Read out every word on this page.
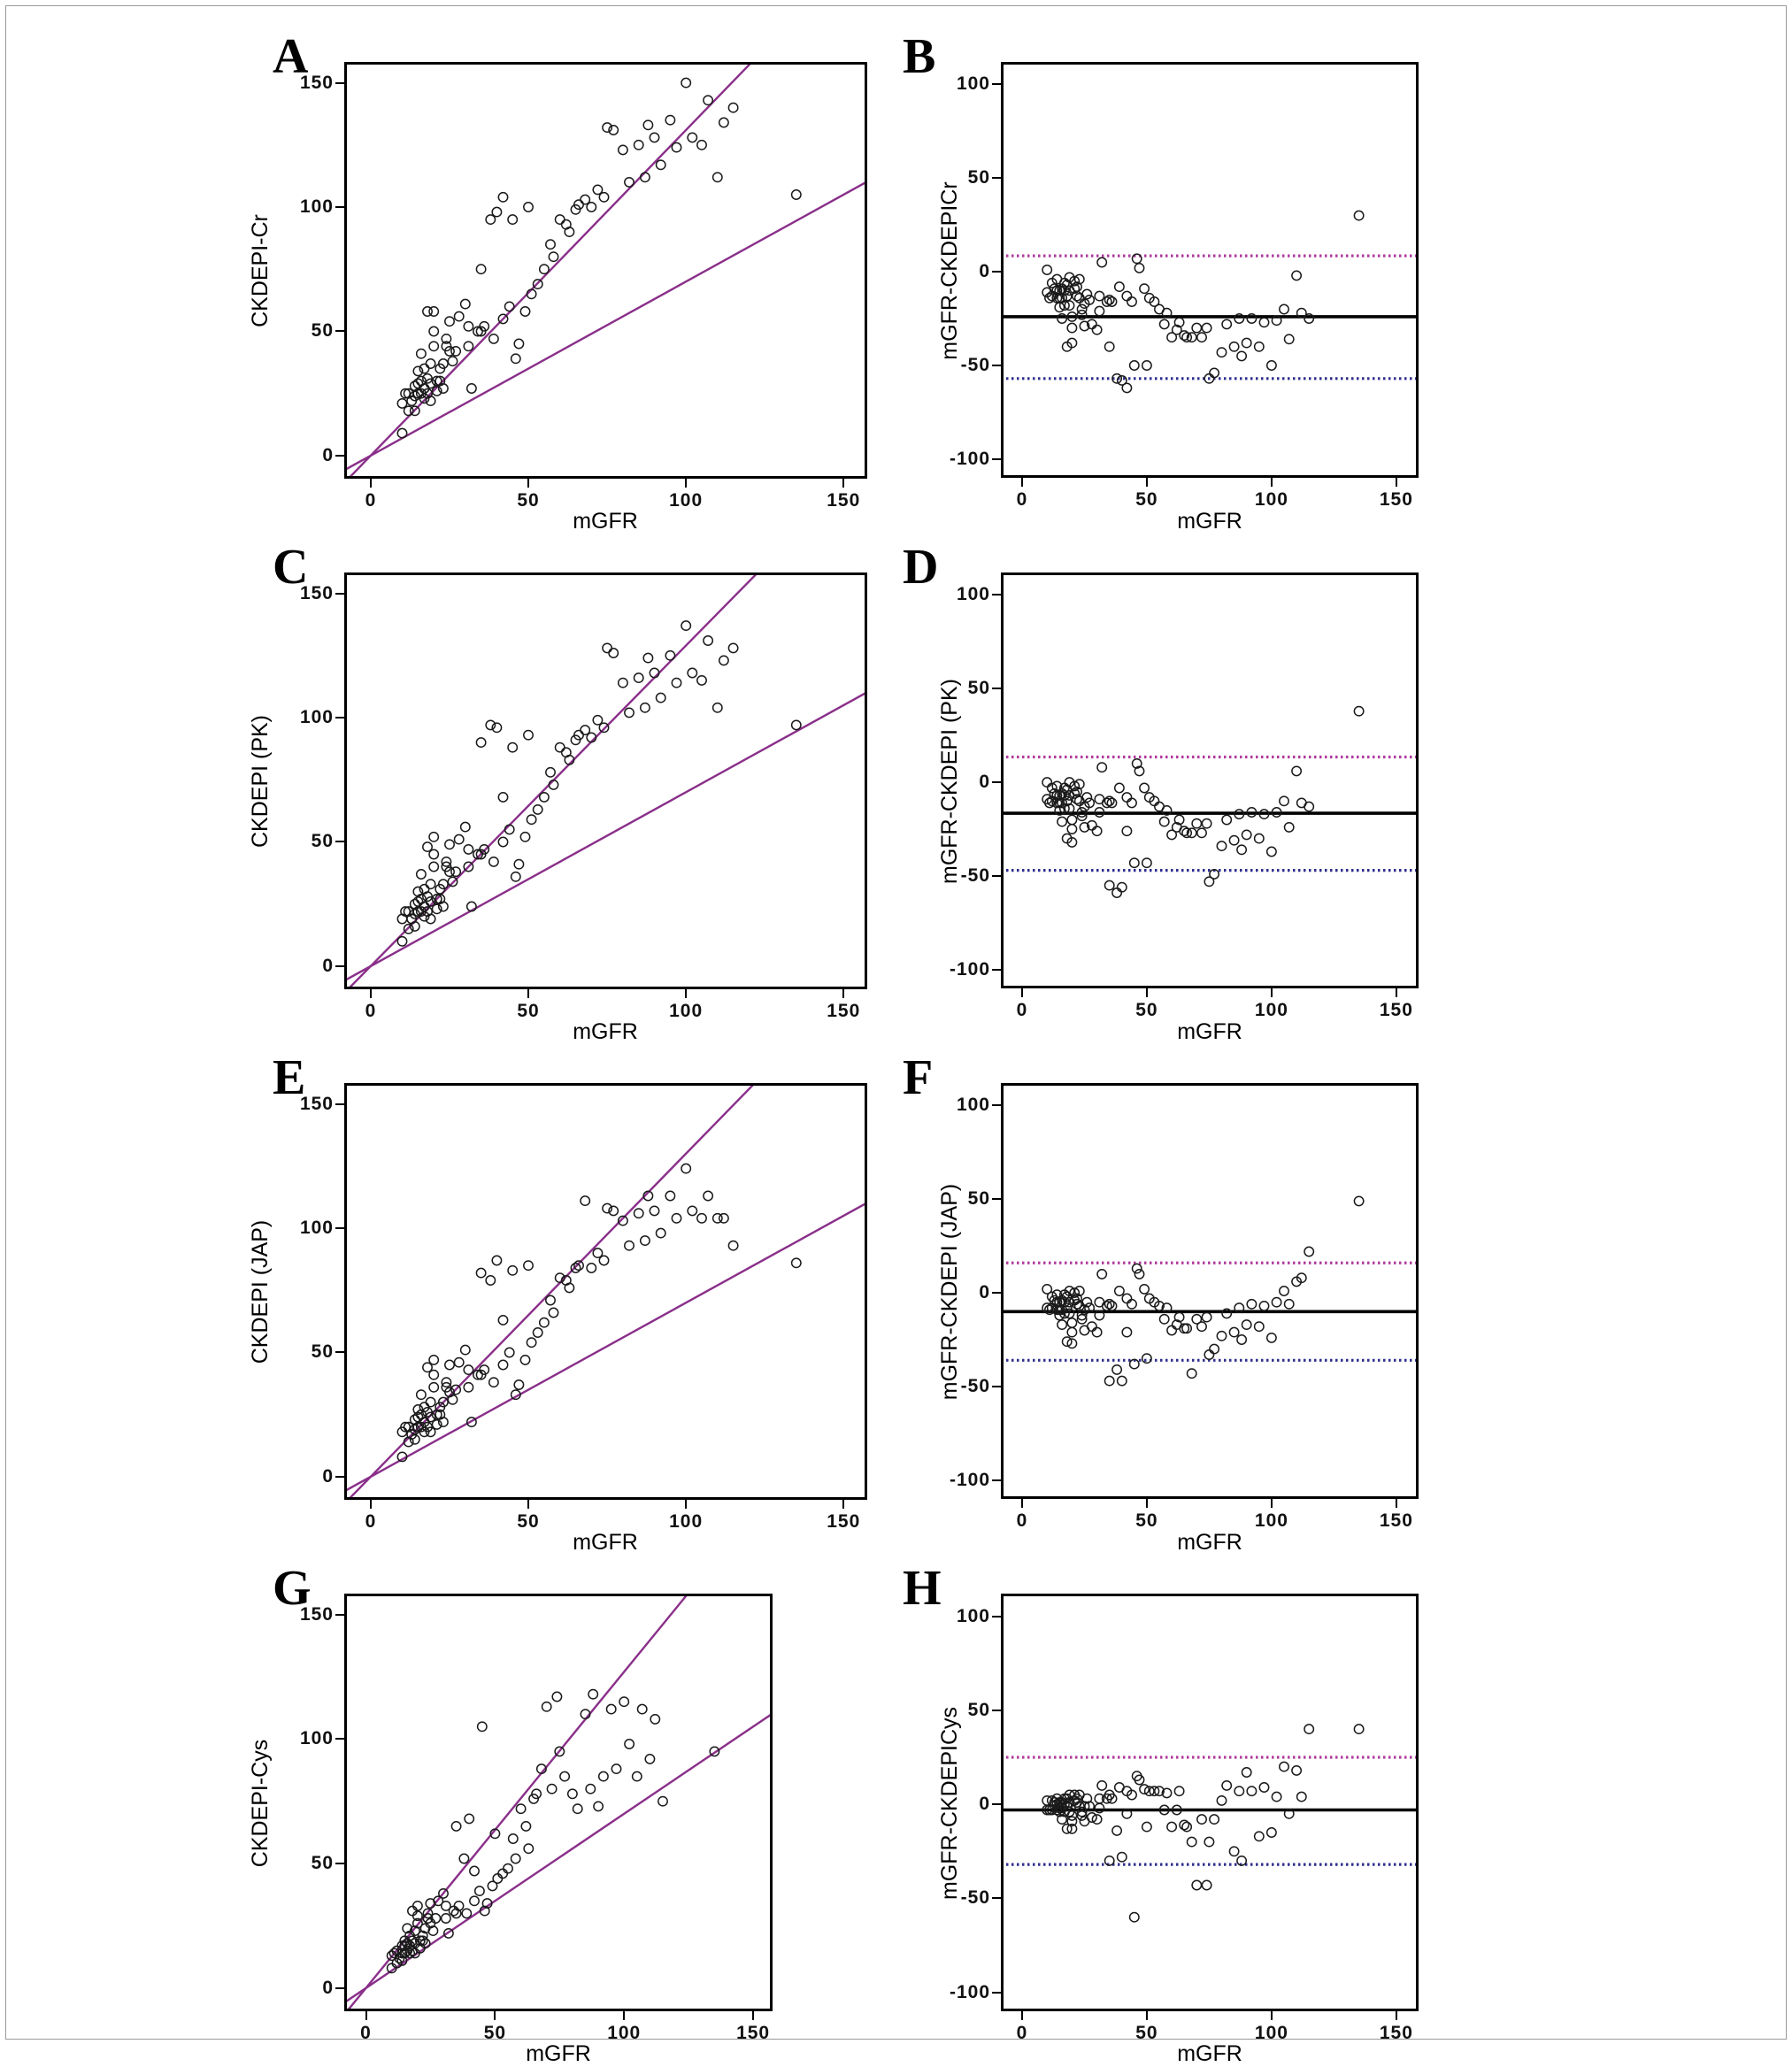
A	B
C	D
E	F
G	H
CKDEPI-Cr	mGFR-CKDEPICr
CKDEPI (PK)	mGFR-CKDEPI (PK)
CKDEPI (JAP)	mGFR-CKDEPI (JAP)
CKDEPI-Cys	mGFR-CKDEPICys
mGFR	mGFR
mGFR	mGFR
mGFR	mGFR
mGFR	mGFR
0	50	100	150
0
50
100
150
0	50	100	150
-100
-50
0
50
100
0	50	100	150
0
50
100
150
0	50	100	150
-100
-50
0
50
100
0	50	100	150
0
50
100
150
0	50	100	150
-100
-50
0
50
100
0	50	100	150
0
50
100
150
0	50	100	150
-100
-50
0
50
100
